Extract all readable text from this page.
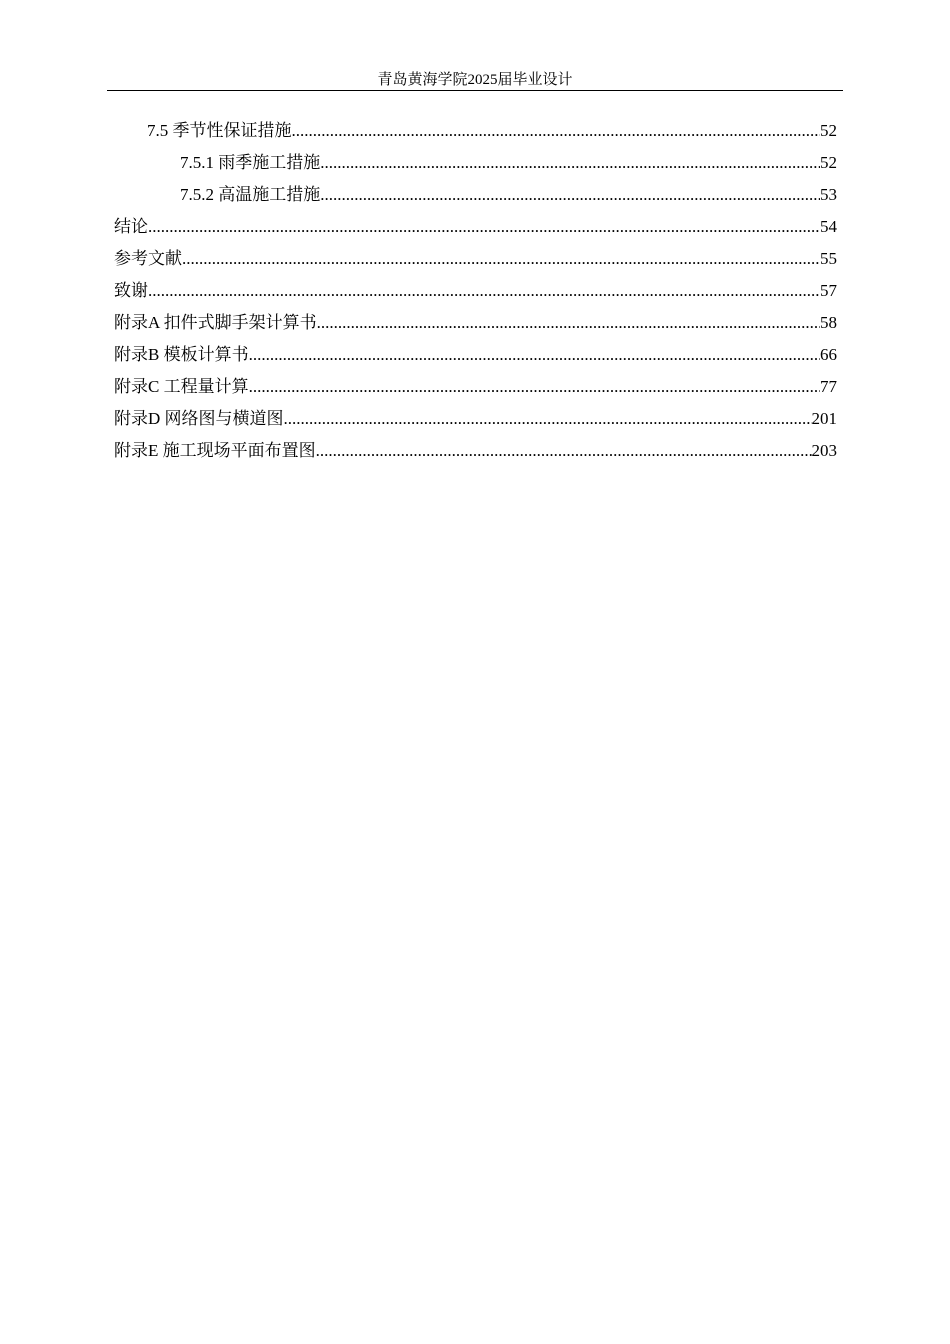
青岛黄海学院2025届毕业设计
7.5 季节性保证措施 .....	52
7.5.1 雨季施工措施 .....	52
7.5.2 高温施工措施 .....	53
结论 .....	54
参考文献 .....	55
致谢 .....	57
附录A 扣件式脚手架计算书 .....	58
附录B 模板计算书 .....	66
附录C 工程量计算 .....	77
附录D 网络图与横道图 .....	201
附录E 施工现场平面布置图 .....	203
